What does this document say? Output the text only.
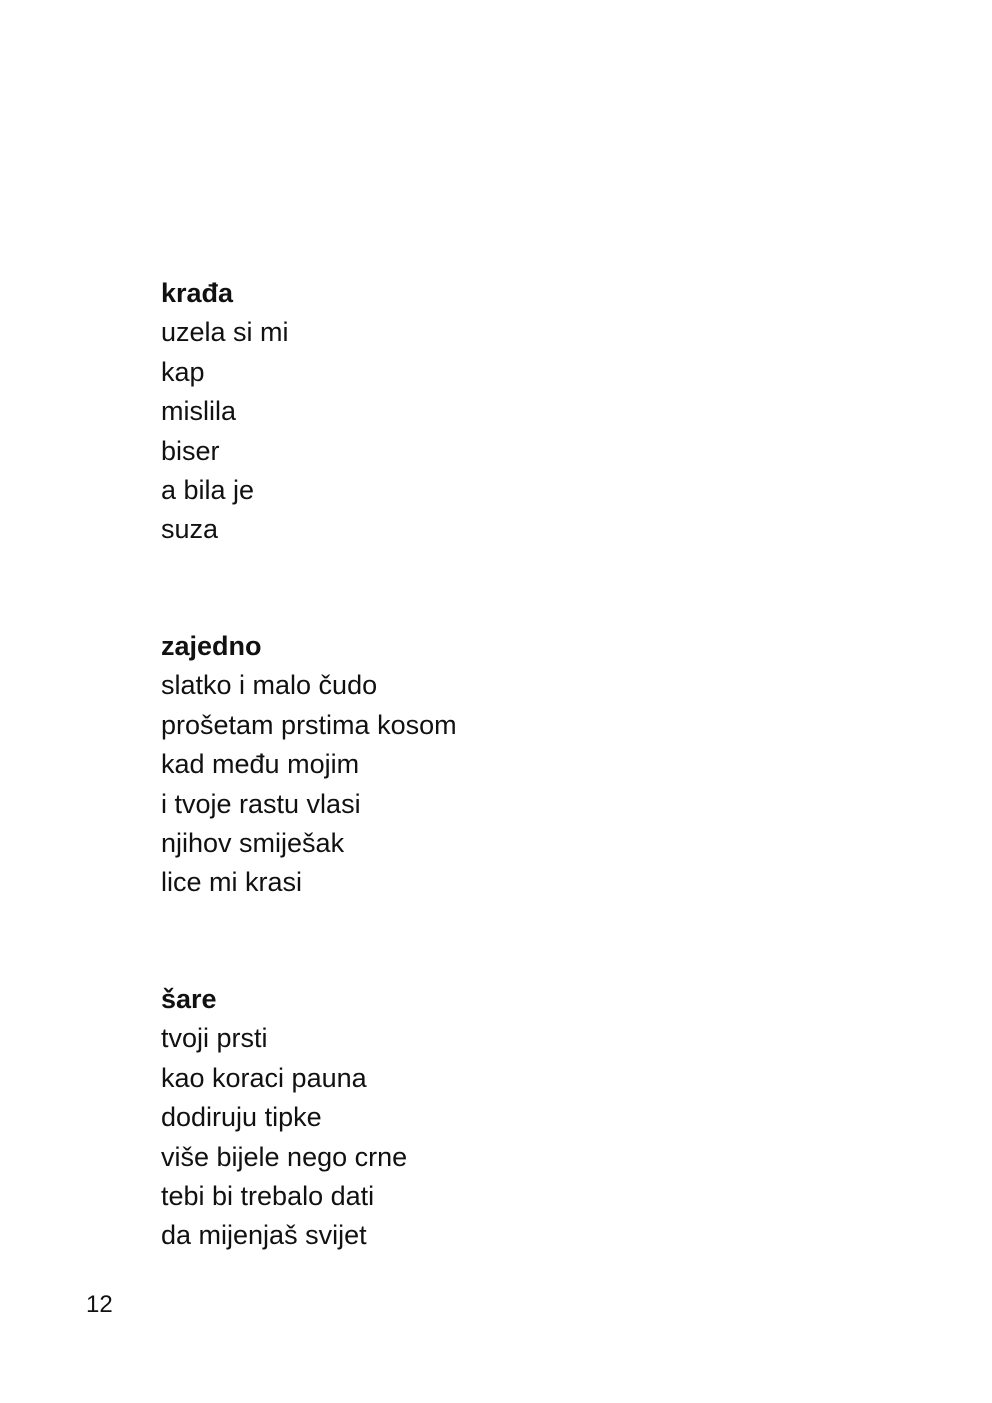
krađa

uzela si mi

kap

mislila

biser

a bila je

suza

zajedno

slatko i malo čudo

prošetam prstima kosom

kad među mojim

i tvoje rastu vlasi

njihov smiješak

lice mi krasi

šare

tvoji prsti

kao koraci pauna

dodiruju tipke

više bijele nego crne

tebi bi trebalo dati

da mijenjaš svijet

12
